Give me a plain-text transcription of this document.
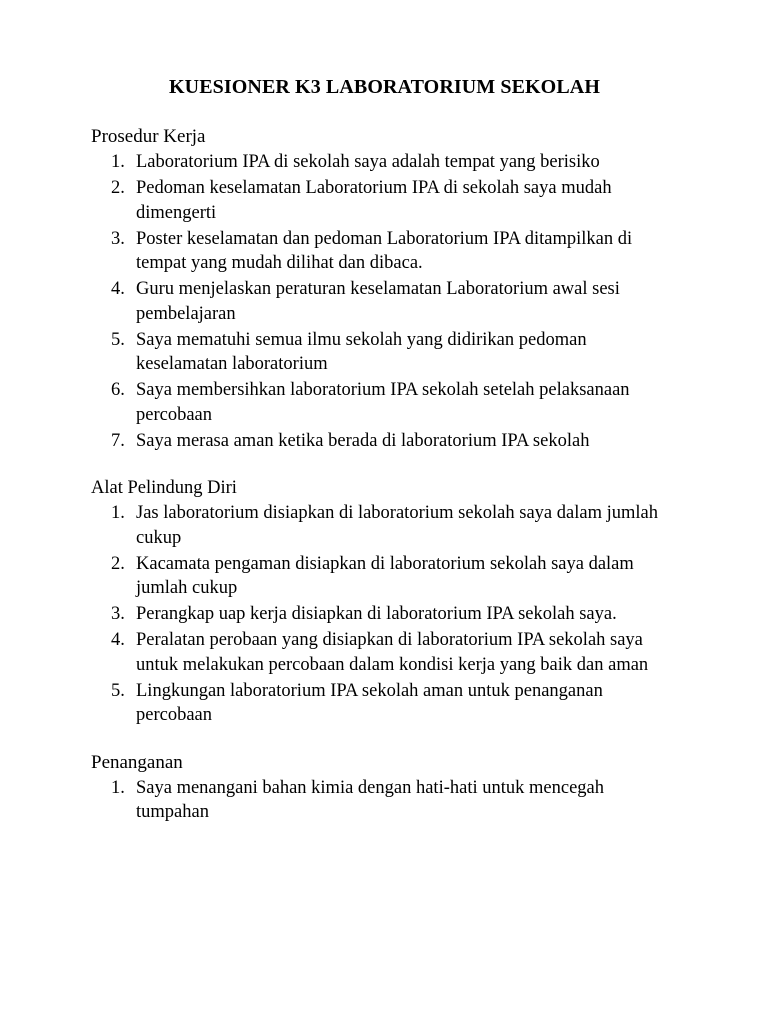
KUESIONER K3 LABORATORIUM SEKOLAH
Prosedur Kerja
1. Laboratorium IPA di sekolah saya adalah tempat yang berisiko
2. Pedoman keselamatan Laboratorium IPA di sekolah saya mudah dimengerti
3. Poster keselamatan dan pedoman Laboratorium IPA ditampilkan di tempat yang mudah dilihat dan dibaca.
4. Guru menjelaskan peraturan keselamatan Laboratorium awal sesi pembelajaran
5. Saya mematuhi semua ilmu sekolah yang didirikan pedoman keselamatan laboratorium
6. Saya membersihkan laboratorium IPA sekolah setelah pelaksanaan percobaan
7. Saya merasa aman ketika berada di laboratorium IPA sekolah
Alat Pelindung Diri
1. Jas laboratorium disiapkan di laboratorium sekolah saya dalam jumlah cukup
2. Kacamata pengaman disiapkan di laboratorium sekolah saya dalam jumlah cukup
3. Perangkap uap kerja disiapkan di laboratorium IPA sekolah saya.
4. Peralatan perobaan yang disiapkan di laboratorium IPA sekolah saya untuk melakukan percobaan dalam kondisi kerja yang baik dan aman
5. Lingkungan laboratorium IPA sekolah aman untuk penanganan percobaan
Penanganan
1. Saya menangani bahan kimia dengan hati-hati untuk mencegah tumpahan
